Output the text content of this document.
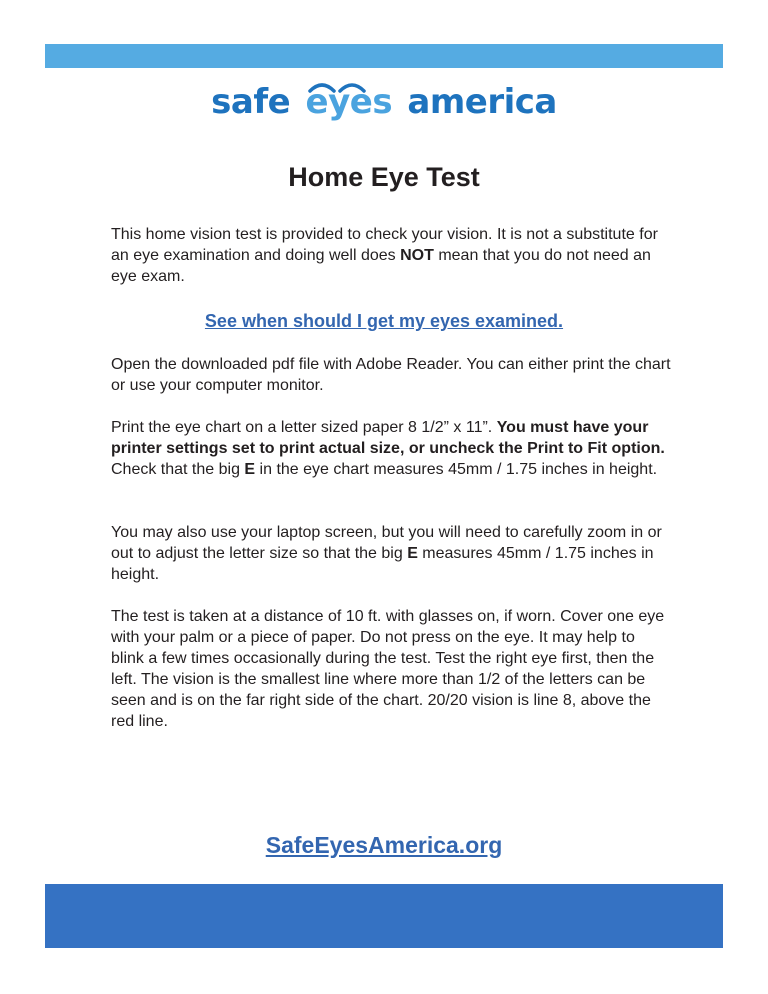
safe eyes america
Home Eye Test

This home vision test is provided to check your vision. It is not a substitute for an eye examination and doing well does NOT mean that you do not need an eye exam.

See when should I get my eyes examined.

Open the downloaded pdf file with Adobe Reader. You can either print the chart or use your computer monitor.

Print the eye chart on a letter sized paper 8 1/2” x 11”. You must have your printer settings set to print actual size, or uncheck the Print to Fit option. Check that the big E in the eye chart measures 45mm / 1.75 inches in height.

You may also use your laptop screen, but you will need to carefully zoom in or out to adjust the letter size so that the big E measures 45mm / 1.75 inches in height.

The test is taken at a distance of 10 ft. with glasses on, if worn. Cover one eye with your palm or a piece of paper. Do not press on the eye. It may help to blink a few times occasionally during the test. Test the right eye first, then the left. The vision is the smallest line where more than 1/2 of the letters can be seen and is on the far right side of the chart. 20/20 vision is line 8, above the red line.

SafeEyesAmerica.org
